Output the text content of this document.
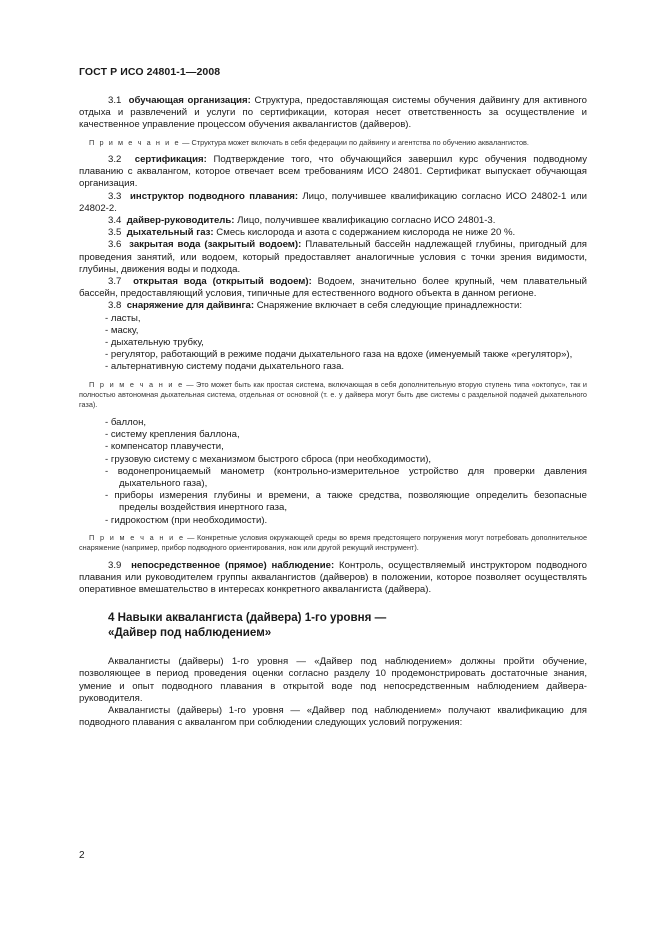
ГОСТ Р ИСО 24801-1—2008

3.1 обучающая организация: Структура, предоставляющая системы обучения дайвингу для активного отдыха и развлечений и услуги по сертификации, которая несет ответственность за осуществление и качественное управление процессом обучения аквалангистов (дайверов).

П р и м е ч а н и е — Структура может включать в себя федерации по дайвингу и агентства по обучению аквалангистов.

3.2 сертификация: Подтверждение того, что обучающийся завершил курс обучения подводному плаванию с аквалангом, которое отвечает всем требованиям ИСО 24801. Сертификат выпускает обучающая организация.

3.3 инструктор подводного плавания: Лицо, получившее квалификацию согласно ИСО 24802-1 или 24802-2.

3.4 дайвер-руководитель: Лицо, получившее квалификацию согласно ИСО 24801-3.

3.5 дыхательный газ: Смесь кислорода и азота с содержанием кислорода не ниже 20 %.

3.6 закрытая вода (закрытый водоем): Плавательный бассейн надлежащей глубины, пригодный для проведения занятий, или водоем, который предоставляет аналогичные условия с точки зрения видимости, глубины, движения воды и подхода.

3.7 открытая вода (открытый водоем): Водоем, значительно более крупный, чем плавательный бассейн, предоставляющий условия, типичные для естественного водного объекта в данном регионе.

3.8 снаряжение для дайвинга: Снаряжение включает в себя следующие принадлежности:

- ласты,

- маску,

- дыхательную трубку,

- регулятор, работающий в режиме подачи дыхательного газа на вдохе (именуемый также «регулятор»),

- альтернативную систему подачи дыхательного газа.

П р и м е ч а н и е — Это может быть как простая система, включающая в себя дополнительную вторую ступень типа «октопус», так и полностью автономная дыхательная система, отдельная от основной (т. е. у дайвера могут быть две системы с раздельной подачей дыхательного газа).

- баллон,

- систему крепления баллона,

- компенсатор плавучести,

- грузовую систему с механизмом быстрого сброса (при необходимости),

- водонепроницаемый манометр (контрольно-измерительное устройство для проверки давления дыхательного газа),

- приборы измерения глубины и времени, а также средства, позволяющие определить безопасные пределы воздействия инертного газа,

- гидрокостюм (при необходимости).

П р и м е ч а н и е — Конкретные условия окружающей среды во время предстоящего погружения могут потребовать дополнительное снаряжение (например, прибор подводного ориентирования, нож или другой режущий инструмент).

3.9 непосредственное (прямое) наблюдение: Контроль, осуществляемый инструктором подводного плавания или руководителем группы аквалангистов (дайверов) в положении, которое позволяет осуществлять оперативное вмешательство в интересах конкретного аквалангиста (дайвера).

4 Навыки аквалангиста (дайвера) 1-го уровня —
«Дайвер под наблюдением»

Аквалангисты (дайверы) 1-го уровня — «Дайвер под наблюдением» должны пройти обучение, позволяющее в период проведения оценки согласно разделу 10 продемонстрировать достаточные знания, умение и опыт подводного плавания в открытой воде под непосредственным наблюдением дайвера-руководителя.

Аквалангисты (дайверы) 1-го уровня — «Дайвер под наблюдением» получают квалификацию для подводного плавания с аквалангом при соблюдении следующих условий погружения:

2
